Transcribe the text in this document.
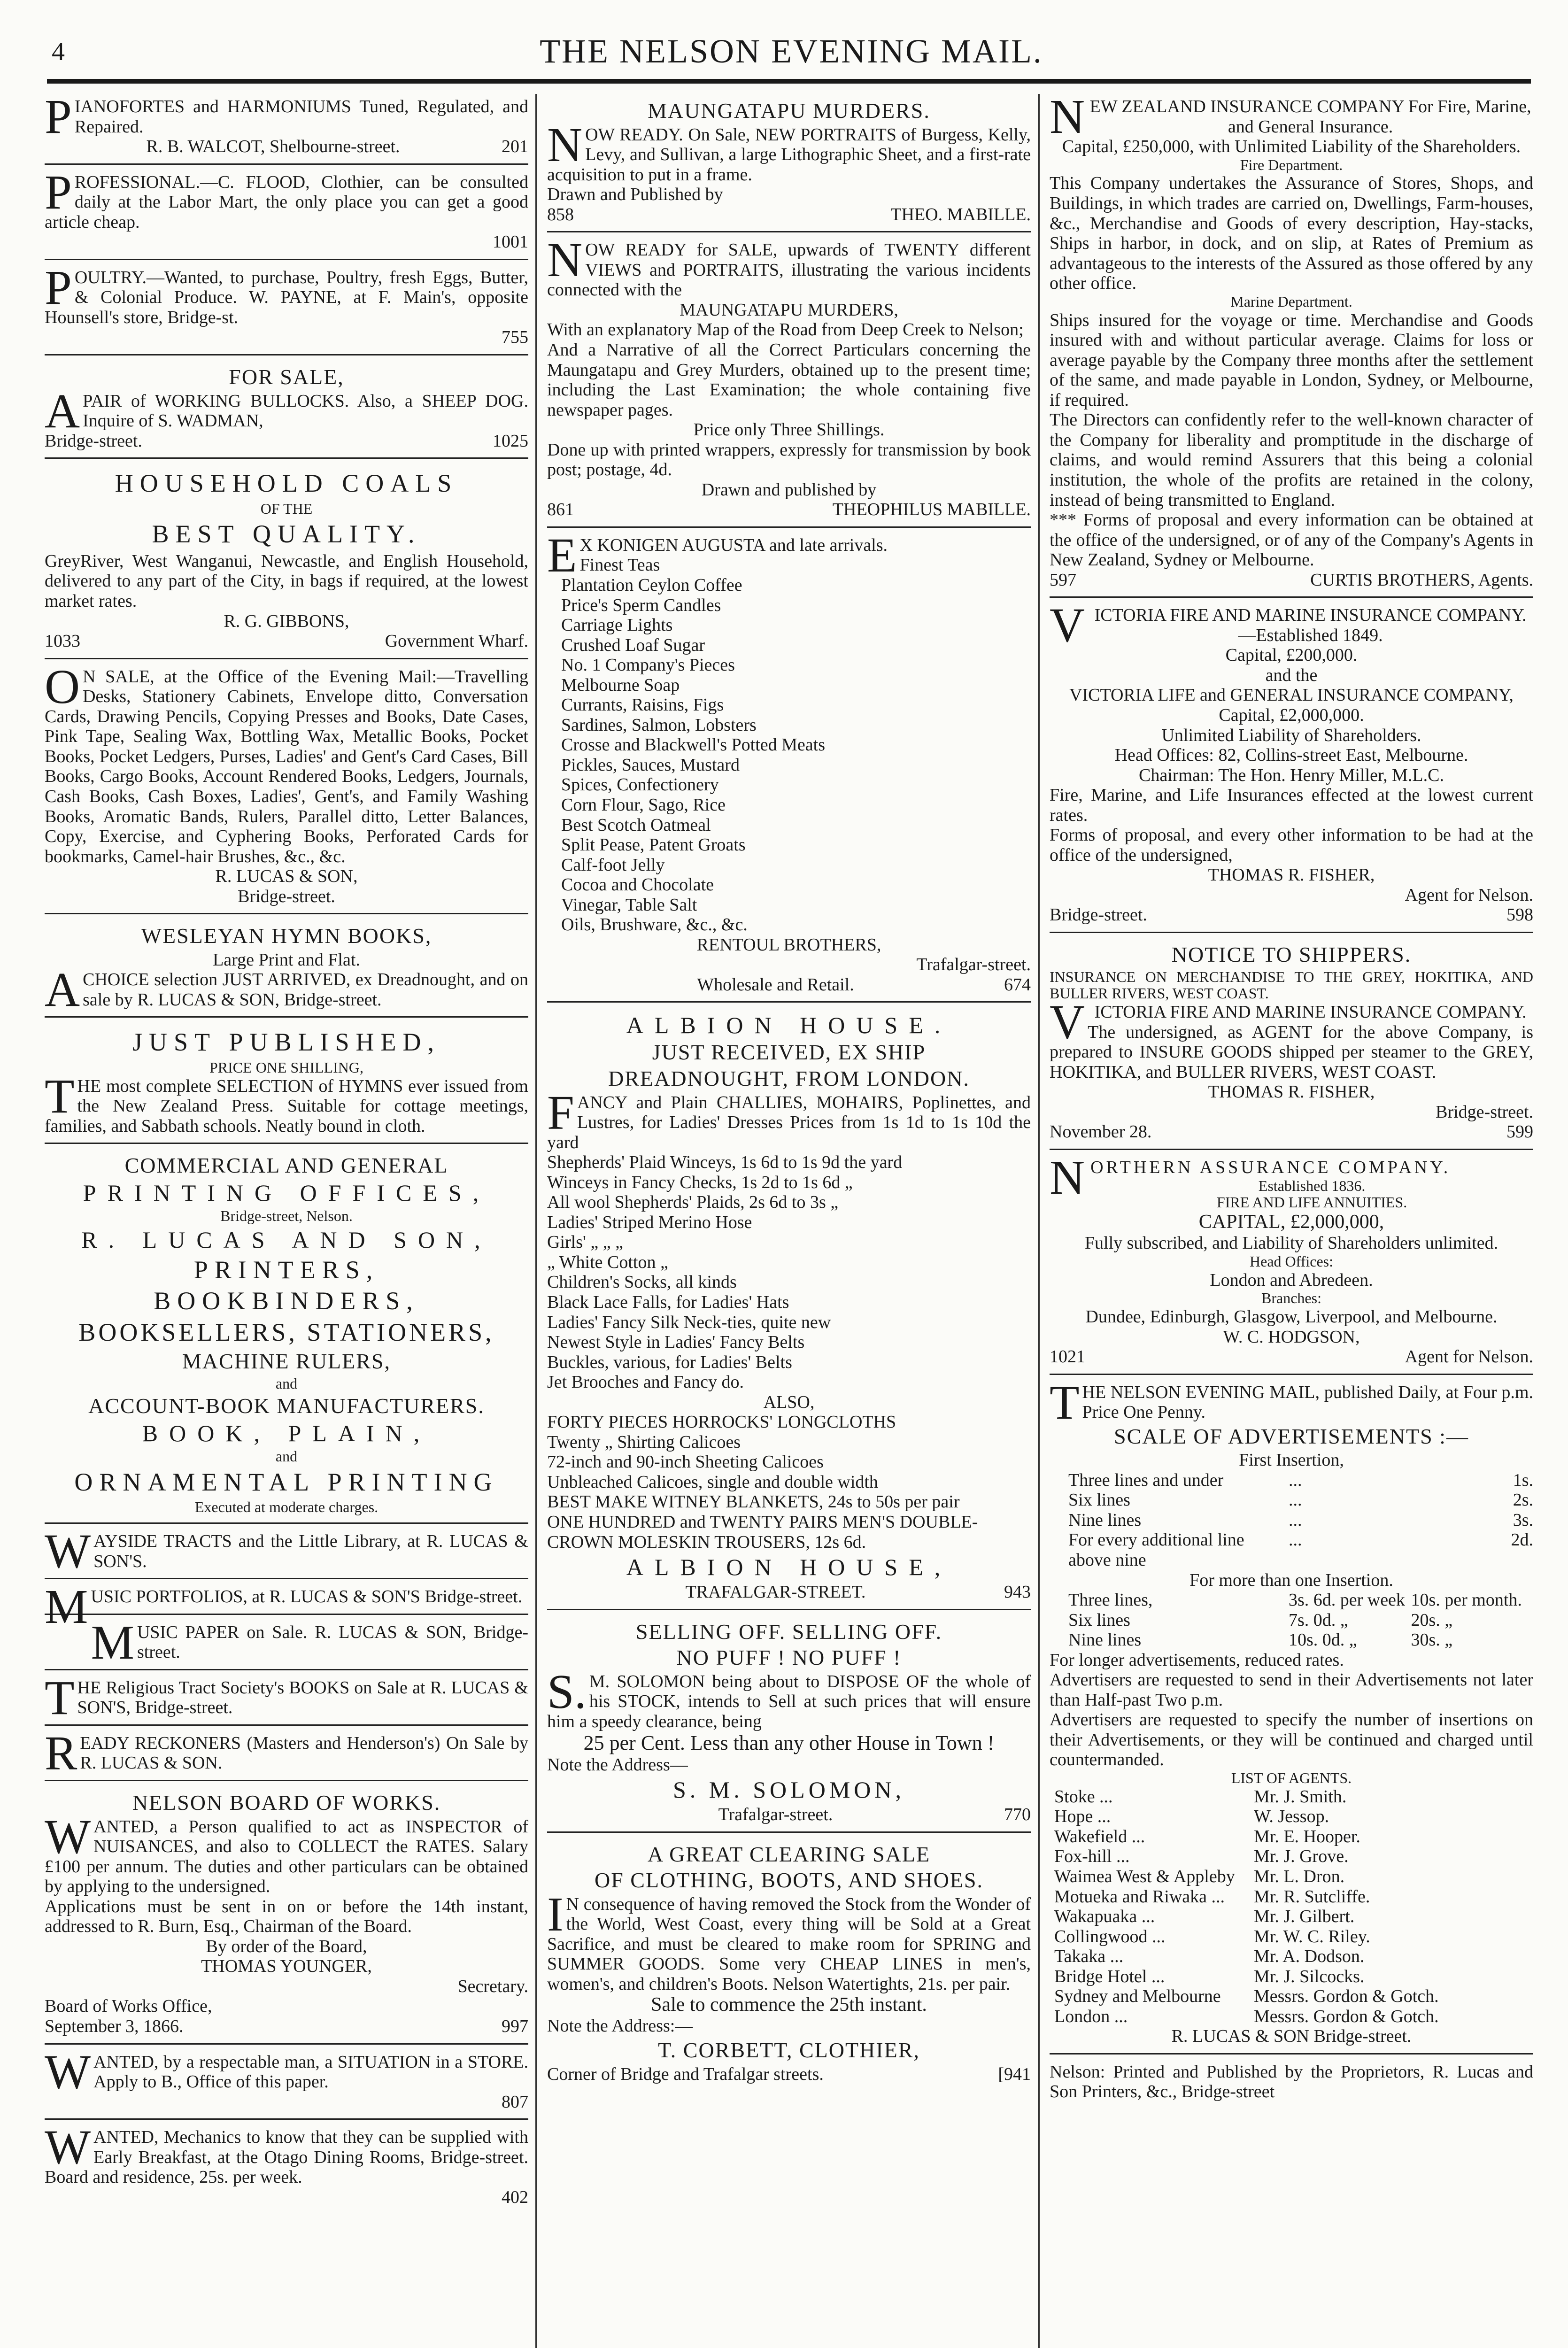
4	THE NELSON EVENING MAIL.

PIANOFORTES and HARMONIUMS Tuned, Regulated, and Repaired.

R. B. WALCOT, Shelbourne-street.	201

PROFESSIONAL.—C. FLOOD, Clothier, can be consulted daily at the Labor Mart, the only place you can get a good article cheap.

1001

POULTRY.—Wanted, to purchase, Poultry, fresh Eggs, Butter, & Colonial Produce. W. PAYNE, at F. Main's, opposite Hounsell's store, Bridge-st.

755

FOR SALE,

APAIR of WORKING BULLOCKS. Also, a SHEEP DOG. Inquire of S. WADMAN,

Bridge-street.	1025
HOUSEHOLD COALS
OF THE
BEST QUALITY.

GreyRiver, West Wanganui, Newcastle, and English Household, delivered to any part of the City, in bags if required, at the lowest market rates.

R. G. GIBBONS,

1033	Government Wharf.

ON SALE, at the Office of the Evening Mail:—Travelling Desks, Stationery Cabinets, Envelope ditto, Conversation Cards, Drawing Pencils, Copying Presses and Books, Date Cases, Pink Tape, Sealing Wax, Bottling Wax, Metallic Books, Pocket Books, Pocket Ledgers, Purses, Ladies' and Gent's Card Cases, Bill Books, Cargo Books, Account Rendered Books, Ledgers, Journals, Cash Books, Cash Boxes, Ladies', Gent's, and Family Washing Books, Aromatic Bands, Rulers, Parallel ditto, Letter Balances, Copy, Exercise, and Cyphering Books, Perforated Cards for bookmarks, Camel-hair Brushes, &c., &c.

R. LUCAS & SON,

Bridge-street.

WESLEYAN HYMN BOOKS,
Large Print and Flat.

ACHOICE selection JUST ARRIVED, ex Dreadnought, and on sale by R. LUCAS & SON, Bridge-street.

JUST PUBLISHED,
PRICE ONE SHILLING,

THE most complete SELECTION of HYMNS ever issued from the New Zealand Press. Suitable for cottage meetings, families, and Sabbath schools. Neatly bound in cloth.

COMMERCIAL AND GENERAL
PRINTING OFFICES,
Bridge-street, Nelson.
R. LUCAS AND SON,
PRINTERS,
BOOKBINDERS,
BOOKSELLERS, STATIONERS,
MACHINE RULERS,
and
ACCOUNT-BOOK MANUFACTURERS.
BOOK, PLAIN,
and
ORNAMENTAL PRINTING
Executed at moderate charges.

WAYSIDE TRACTS and the Little Library, at R. LUCAS & SON'S.

MUSIC PORTFOLIOS, at R. LUCAS & SON'S Bridge-street.

MUSIC PAPER on Sale. R. LUCAS & SON, Bridge-street.

THE Religious Tract Society's BOOKS on Sale at R. LUCAS & SON'S, Bridge-street.

READY RECKONERS (Masters and Henderson's) On Sale by R. LUCAS & SON.

NELSON BOARD OF WORKS.

WANTED, a Person qualified to act as INSPECTOR of NUISANCES, and also to COLLECT the RATES. Salary £100 per annum. The duties and other particulars can be obtained by applying to the undersigned.

Applications must be sent in on or before the 14th instant, addressed to R. Burn, Esq., Chairman of the Board.

By order of the Board,

THOMAS YOUNGER,

Secretary.

Board of Works Office,

September 3, 1866.	997

WANTED, by a respectable man, a SITUATION in a STORE. Apply to B., Office of this paper.

807

WANTED, Mechanics to know that they can be supplied with Early Breakfast, at the Otago Dining Rooms, Bridge-street. Board and residence, 25s. per week.

402

MAUNGATAPU MURDERS.

NOW READY. On Sale, NEW PORTRAITS of Burgess, Kelly, Levy, and Sullivan, a large Lithographic Sheet, and a first-rate acquisition to put in a frame.

Drawn and Published by

858	THEO. MABILLE.

NOW READY for SALE, upwards of TWENTY different VIEWS and PORTRAITS, illustrating the various incidents connected with the

MAUNGATAPU MURDERS,

With an explanatory Map of the Road from Deep Creek to Nelson;

And a Narrative of all the Correct Particulars concerning the Maungatapu and Grey Murders, obtained up to the present time; including the Last Examination; the whole containing five newspaper pages.

Price only Three Shillings.

Done up with printed wrappers, expressly for transmission by book post; postage, 4d.

Drawn and published by

861	THEOPHILUS MABILLE.

EX KONIGEN AUGUSTA and late arrivals.

Finest Teas
Plantation Ceylon Coffee
Price's Sperm Candles
Carriage Lights
Crushed Loaf Sugar
No. 1 Company's Pieces
Melbourne Soap
Currants, Raisins, Figs
Sardines, Salmon, Lobsters
Crosse and Blackwell's Potted Meats
Pickles, Sauces, Mustard
Spices, Confectionery
Corn Flour, Sago, Rice
Best Scotch Oatmeal
Split Pease, Patent Groats
Calf-foot Jelly
Cocoa and Chocolate
Vinegar, Table Salt
Oils, Brushware, &c., &c.

RENTOUL BROTHERS,

Trafalgar-street.

Wholesale and Retail.	674
ALBION HOUSE.
JUST RECEIVED, EX SHIP
DREADNOUGHT, FROM LONDON.

FANCY and Plain CHALLIES, MOHAIRS, Poplinettes, and Lustres, for Ladies' Dresses Prices from 1s 1d to 1s 10d the yard

Shepherds' Plaid Winceys, 1s 6d to 1s 9d the yard
Winceys in Fancy Checks, 1s 2d to 1s 6d „
All wool Shepherds' Plaids, 2s 6d to 3s „
Ladies' Striped Merino Hose
Girls' „ „ „
„ White Cotton „
Children's Socks, all kinds
Black Lace Falls, for Ladies' Hats
Ladies' Fancy Silk Neck-ties, quite new
Newest Style in Ladies' Fancy Belts
Buckles, various, for Ladies' Belts
Jet Brooches and Fancy do.

ALSO,

FORTY PIECES HORROCKS' LONGCLOTHS
Twenty „ Shirting Calicoes
72-inch and 90-inch Sheeting Calicoes
Unbleached Calicoes, single and double width
BEST MAKE WITNEY BLANKETS, 24s to 50s per pair
ONE HUNDRED and TWENTY PAIRS MEN'S DOUBLE-CROWN MOLESKIN TROUSERS, 12s 6d.
ALBION HOUSE,
TRAFALGAR-STREET.	943
SELLING OFF. SELLING OFF.
NO PUFF ! NO PUFF !

S.M. SOLOMON being about to DISPOSE OF the whole of his STOCK, intends to Sell at such prices that will ensure him a speedy clearance, being

25 per Cent. Less than any other House in Town !

Note the Address—

S. M. SOLOMON,
Trafalgar-street.	770
A GREAT CLEARING SALE
OF CLOTHING, BOOTS, AND SHOES.

IN consequence of having removed the Stock from the Wonder of the World, West Coast, every thing will be Sold at a Great Sacrifice, and must be cleared to make room for SPRING and SUMMER GOODS. Some very CHEAP LINES in men's, women's, and children's Boots. Nelson Watertights, 21s. per pair.

Sale to commence the 25th instant.

Note the Address:—

T. CORBETT, CLOTHIER,
Corner of Bridge and Trafalgar streets.	[941

NEW ZEALAND INSURANCE COMPANY For Fire, Marine, and General Insurance.

Capital, £250,000, with Unlimited Liability of the Shareholders.

Fire Department.

This Company undertakes the Assurance of Stores, Shops, and Buildings, in which trades are carried on, Dwellings, Farm-houses, &c., Merchandise and Goods of every description, Hay-stacks, Ships in harbor, in dock, and on slip, at Rates of Premium as advantageous to the interests of the Assured as those offered by any other office.

Marine Department.

Ships insured for the voyage or time. Merchandise and Goods insured with and without particular average. Claims for loss or average payable by the Company three months after the settlement of the same, and made payable in London, Sydney, or Melbourne, if required.

The Directors can confidently refer to the well-known character of the Company for liberality and promptitude in the discharge of claims, and would remind Assurers that this being a colonial institution, the whole of the profits are retained in the colony, instead of being transmitted to England.

*** Forms of proposal and every information can be obtained at the office of the undersigned, or of any of the Company's Agents in New Zealand, Sydney or Melbourne.

597	CURTIS BROTHERS, Agents.

VICTORIA FIRE AND MARINE INSURANCE COMPANY.—Established 1849.

Capital, £200,000.

and the

VICTORIA LIFE and GENERAL INSURANCE COMPANY,

Capital, £2,000,000.

Unlimited Liability of Shareholders.

Head Offices: 82, Collins-street East, Melbourne.

Chairman: The Hon. Henry Miller, M.L.C.

Fire, Marine, and Life Insurances effected at the lowest current rates.

Forms of proposal, and every other information to be had at the office of the undersigned,

THOMAS R. FISHER,

Agent for Nelson.

Bridge-street.	598
NOTICE TO SHIPPERS.

INSURANCE ON MERCHANDISE TO THE GREY, HOKITIKA, AND BULLER RIVERS, WEST COAST.

VICTORIA FIRE AND MARINE INSURANCE COMPANY.

The undersigned, as AGENT for the above Company, is prepared to INSURE GOODS shipped per steamer to the GREY, HOKITIKA, and BULLER RIVERS, WEST COAST.

THOMAS R. FISHER,

Bridge-street.

November 28.	599

NORTHERN ASSURANCE COMPANY.

Established 1836.

FIRE AND LIFE ANNUITIES.

CAPITAL, £2,000,000,

Fully subscribed, and Liability of Shareholders unlimited.

Head Offices:

London and Abredeen.

Branches:

Dundee, Edinburgh, Glasgow, Liverpool, and Melbourne.

W. C. HODGSON,

1021	Agent for Nelson.

THE NELSON EVENING MAIL, published Daily, at Four p.m. Price One Penny.

SCALE OF ADVERTISEMENTS :—

First Insertion,

Three lines and under	...	1s.
Six lines	...	2s.
Nine lines	...	3s.
For every additional line above nine
...	2d.

For more than one Insertion.

Three lines,	3s. 6d. per week 10s. per month.
Six lines	7s. 0d. „	20s. „
Nine lines	10s. 0d. „	30s. „

For longer advertisements, reduced rates.

Advertisers are requested to send in their Advertisements not later than Half-past Two p.m.

Advertisers are requested to specify the number of insertions on their Advertisements, or they will be continued and charged until countermanded.

LIST OF AGENTS.

Stoke ...	Mr. J. Smith.
Hope ...	W. Jessop.
Wakefield ...	Mr. E. Hooper.
Fox-hill ...	Mr. J. Grove.
Waimea West & Appleby	Mr. L. Dron.
Motueka and Riwaka ...	Mr. R. Sutcliffe.
Wakapuaka ...	Mr. J. Gilbert.
Collingwood ...	Mr. W. C. Riley.
Takaka ...	Mr. A. Dodson.
Bridge Hotel ...	Mr. J. Silcocks.
Sydney and Melbourne	Messrs. Gordon & Gotch.
London ...	Messrs. Gordon & Gotch.

R. LUCAS & SON Bridge-street.

Nelson: Printed and Published by the Proprietors, R. Lucas and Son Printers, &c., Bridge-street
